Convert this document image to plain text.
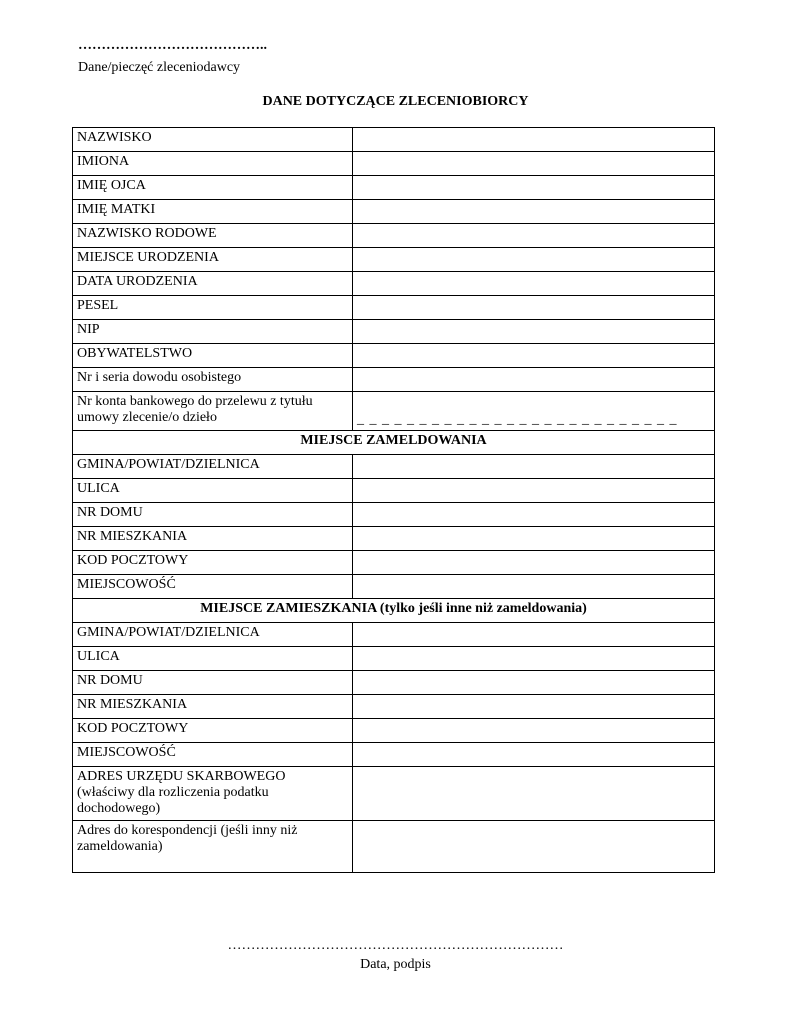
…………………………………..
Dane/pieczęć zleceniodawcy
DANE DOTYCZĄCE ZLECENIOBIORCY
NAZWISKO	
IMIONA	
IMIĘ OJCA	
IMIĘ MATKI	
NAZWISKO RODOWE	
MIEJSCE URODZENIA	
DATA URODZENIA	
PESEL	
NIP	
OBYWATELSTWO	
Nr i seria dowodu osobistego	
Nr konta bankowego do przelewu z tytułu
umowy zlecenie/o dzieło	_ _ _ _ _ _ _ _ _ _ _ _ _ _ _ _ _ _ _ _ _ _ _ _ _ _

MIEJSCE ZAMELDOWANIA	
GMINA/POWIAT/DZIELNICA	
ULICA	
NR DOMU	
NR MIESZKANIA	
KOD POCZTOWY	
MIEJSCOWOŚĆ	
MIEJSCE ZAMIESZKANIA (tylko jeśli inne niż zameldowania)	
GMINA/POWIAT/DZIELNICA	
ULICA	
NR DOMU	
NR MIESZKANIA	
KOD POCZTOWY	
MIEJSCOWOŚĆ	
ADRES URZĘDU SKARBOWEGO
(właściwy dla rozliczenia podatku
dochodowego)	
Adres do korespondencji (jeśli inny niż
zameldowania)	
………………………………………………………………
Data, podpis
